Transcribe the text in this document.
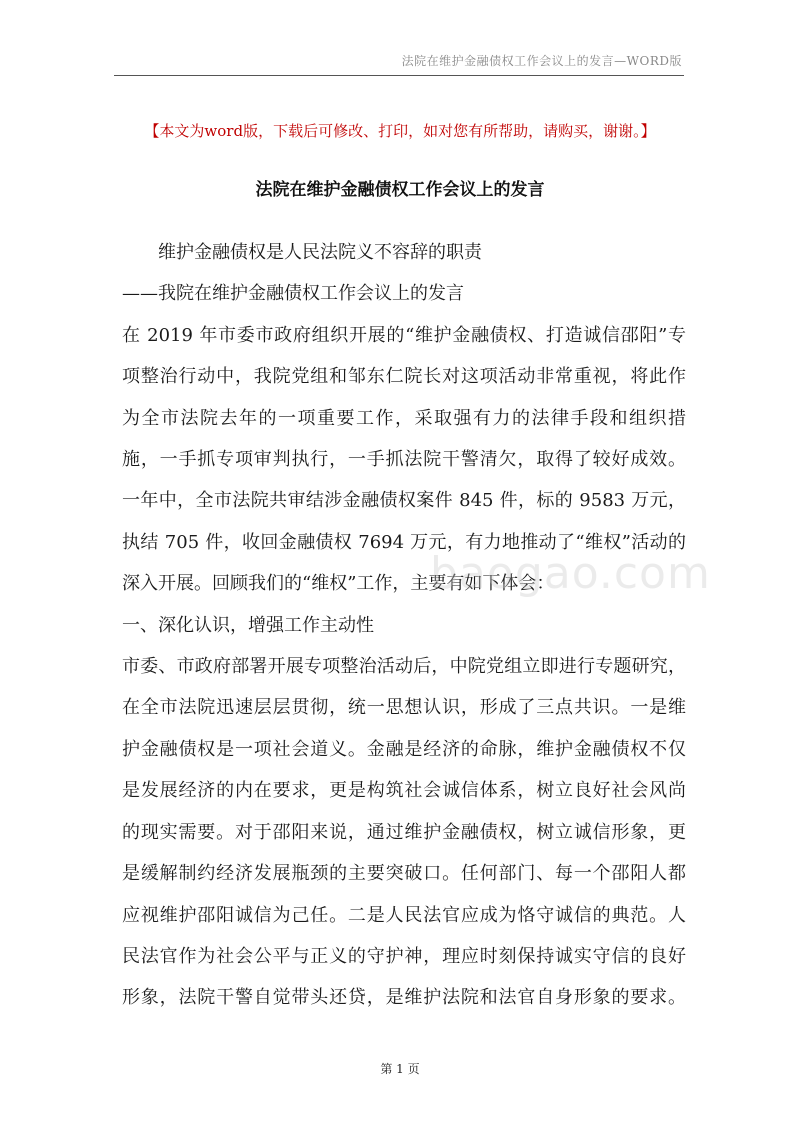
法院在维护金融债权工作会议上的发言—WORD版
【本文为word版，下载后可修改、打印，如对您有所帮助，请购买，谢谢。】
法院在维护金融债权工作会议上的发言
维护金融债权是人民法院义不容辞的职责
——我院在维护金融债权工作会议上的发言
在 2019 年市委市政府组织开展的“维护金融债权、打造诚信邵阳”专
项整治行动中，我院党组和邹东仁院长对这项活动非常重视，将此作
为全市法院去年的一项重要工作，采取强有力的法律手段和组织措
施，一手抓专项审判执行，一手抓法院干警清欠，取得了较好成效。
一年中，全市法院共审结涉金融债权案件 845 件，标的 9583 万元，
执结 705 件，收回金融债权 7694 万元，有力地推动了“维权”活动的
深入开展。回顾我们的“维权”工作，主要有如下体会：
一、深化认识，增强工作主动性
市委、市政府部署开展专项整治活动后，中院党组立即进行专题研究，
在全市法院迅速层层贯彻，统一思想认识，形成了三点共识。一是维
护金融债权是一项社会道义。金融是经济的命脉，维护金融债权不仅
是发展经济的内在要求，更是构筑社会诚信体系，树立良好社会风尚
的现实需要。对于邵阳来说，通过维护金融债权，树立诚信形象，更
是缓解制约经济发展瓶颈的主要突破口。任何部门、每一个邵阳人都
应视维护邵阳诚信为己任。二是人民法官应成为恪守诚信的典范。人
民法官作为社会公平与正义的守护神，理应时刻保持诚实守信的良好
形象，法院干警自觉带头还贷，是维护法院和法官自身形象的要求。
baogao.com
第 1 页
